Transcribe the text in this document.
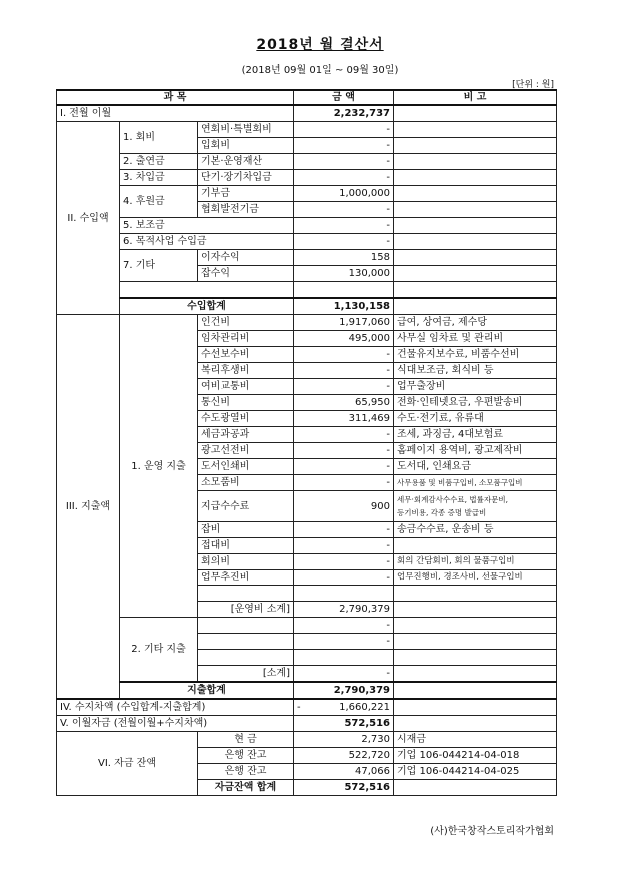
2018년 월 결산서
(2018년 09월 01일 ~ 09월 30일)
[단위 : 원]
과 목			금 액	비 고
I. 전월 이월			2,232,737	
II. 수입액	1. 회비	연회비·특별회비	-	
		입회비	-	
	2. 출연금	기본·운영재산	-	
	3. 차입금	단기·장기차입금	-	
	4. 후원금	기부금	1,000,000	
		협회발전기금	-	
	5. 보조금		-	
	6. 목적사업 수입금		-	
	7. 기타	이자수익	158	
		잡수익	130,000	

	수입합계		1,130,158	
III. 지출액	1. 운영 지출	인건비	1,917,060	급여, 상여금, 제수당
		임차관리비	495,000	사무실 임차료 및 관리비
		수선보수비	-	건물유지보수료, 비품수선비
		복리후생비	-	식대보조금, 회식비 등
		여비교통비	-	업무출장비
		통신비	65,950	전화·인테넷요금, 우편발송비
		수도광열비	311,469	수도·전기료, 유류대
		세금과공과	-	조세, 과징금, 4대보험료
		광고선전비	-	홈페이지 용역비, 광고제작비
		도서인쇄비	-	도서대, 인쇄요금
		소모품비	-	사무용품 및 비품구입비, 소모품구입비
		지급수수료	900	세무·회계감사수수료, 법률자문비,
등기비용, 각종 증명 발급비

		잡비	-	송금수수료, 운송비 등
		접대비	-	
		회의비	-	회의 간담회비, 회의 물품구입비
		업무추진비	-	업무진행비, 경조사비, 선물구입비

		[운영비 소계]	2,790,379	
	2. 기타 지출		-	
			-	

		[소계]	-	
	지출합계		2,790,379	
IV. 수지차액 (수입합계-지출합계)			- 1,660,221	
V. 이월자금 (전월이월+수지차액)			572,516	
VI. 자금 잔액		현 금	2,730	시재금
		은행 잔고	522,720	기업 106-044214-04-018
		은행 잔고	47,066	기업 106-044214-04-025
		자금잔액 합계	572,516	
(사)한국창작스토리작가협회
